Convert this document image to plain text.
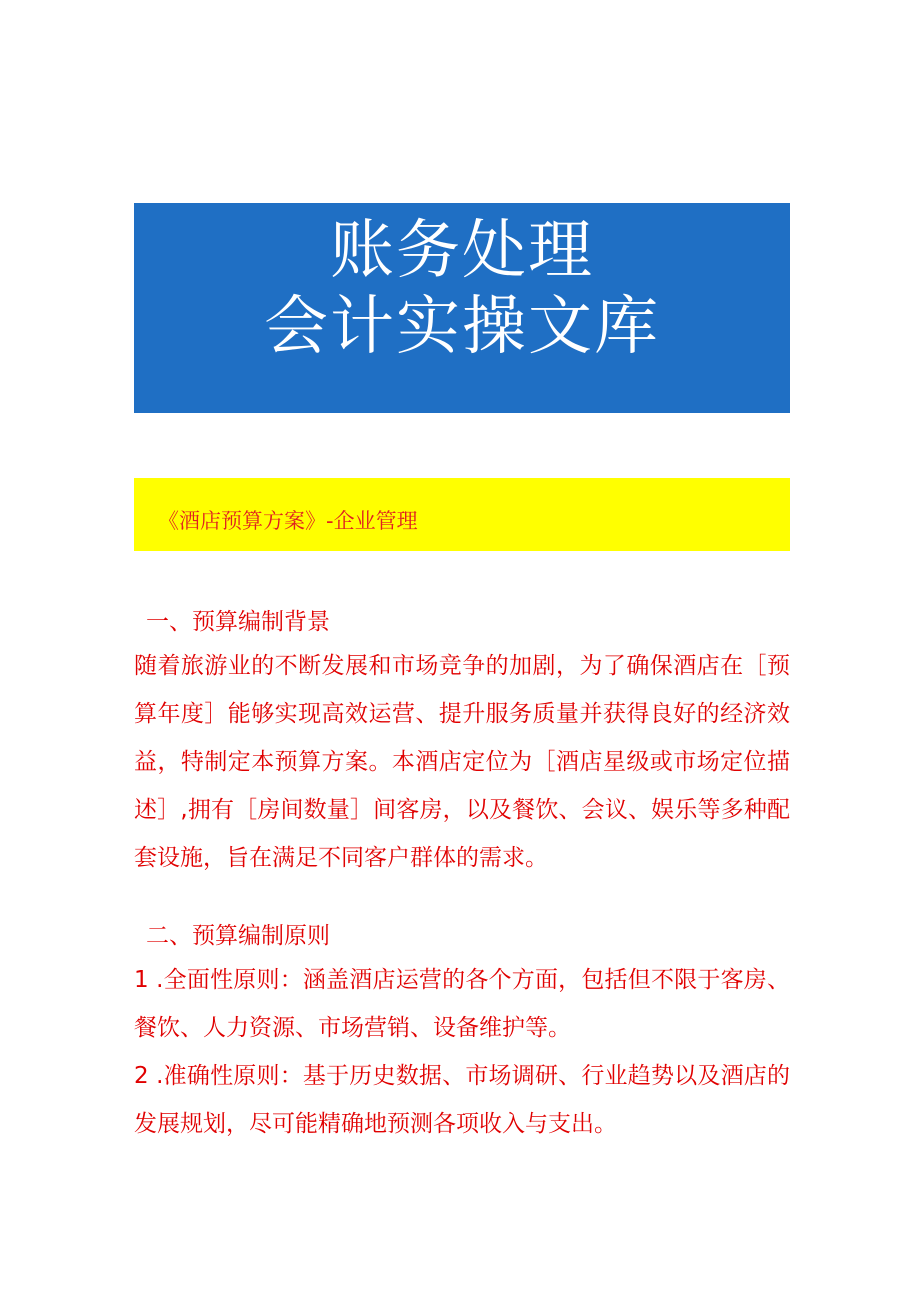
账务处理
会计实操文库
《酒店预算方案》-企业管理

一、预算编制背景

随着旅游业的不断发展和市场竞争的加剧，为了确保酒店在［预算年度］能够实现高效运营、提升服务质量并获得良好的经济效益，特制定本预算方案。本酒店定位为［酒店星级或市场定位描述］,拥有［房间数量］间客房，以及餐饮、会议、娱乐等多种配套设施，旨在满足不同客户群体的需求。

二、预算编制原则

1 .全面性原则：涵盖酒店运营的各个方面，包括但不限于客房、餐饮、人力资源、市场营销、设备维护等。

2 .准确性原则：基于历史数据、市场调研、行业趋势以及酒店的发展规划，尽可能精确地预测各项收入与支出。
